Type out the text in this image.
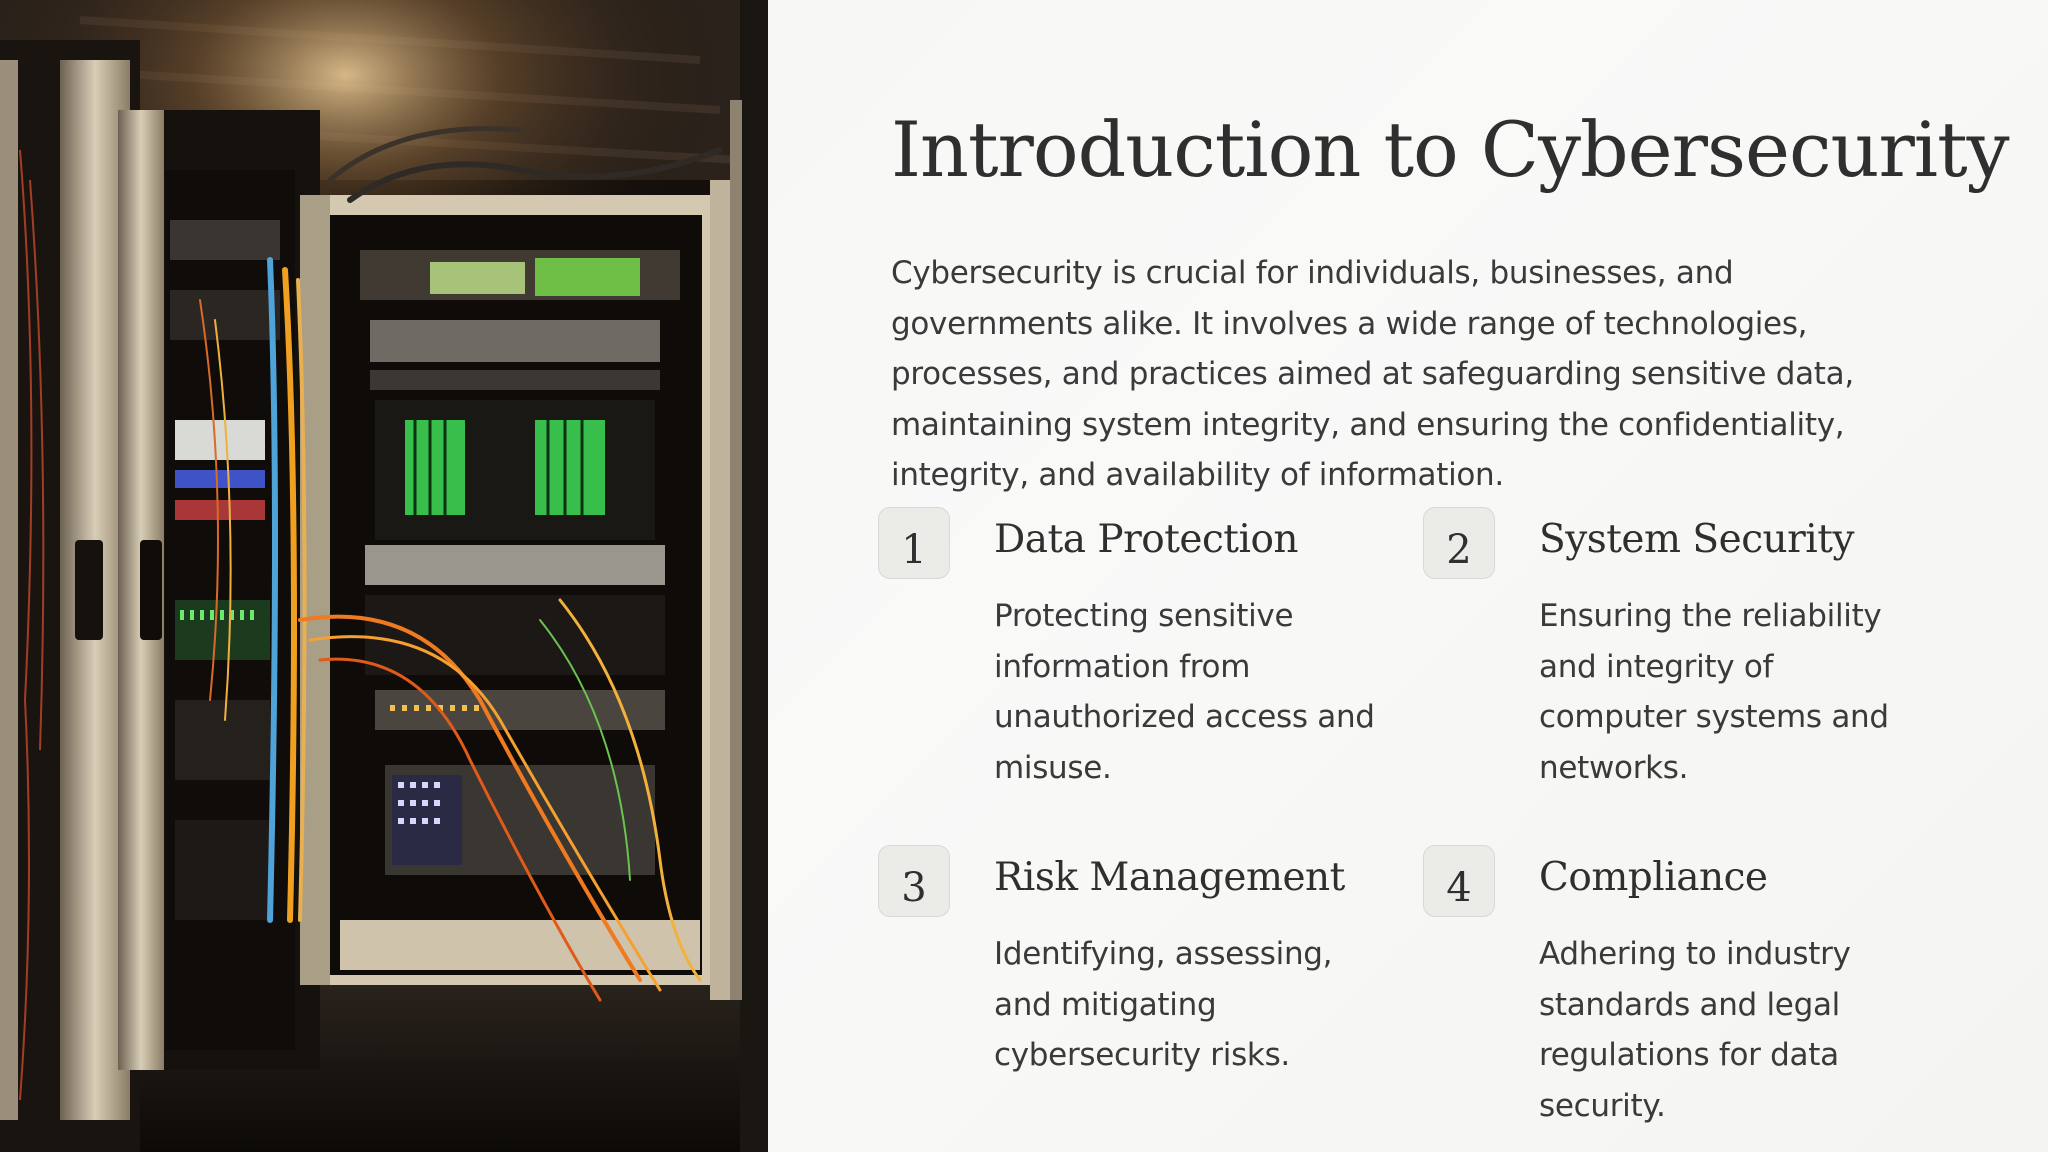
Introduction to Cybersecurity

Cybersecurity is crucial for individuals, businesses, and governments alike. It involves a wide range of technologies, processes, and practices aimed at safeguarding sensitive data, maintaining system integrity, and ensuring the confidentiality, integrity, and availability of information.

1	Data Protection

Protecting sensitive information from unauthorized access and misuse.

2	System Security

Ensuring the reliability and integrity of computer systems and networks.

3	Risk Management

Identifying, assessing, and mitigating cybersecurity risks.

4	Compliance

Adhering to industry standards and legal regulations for data security.
